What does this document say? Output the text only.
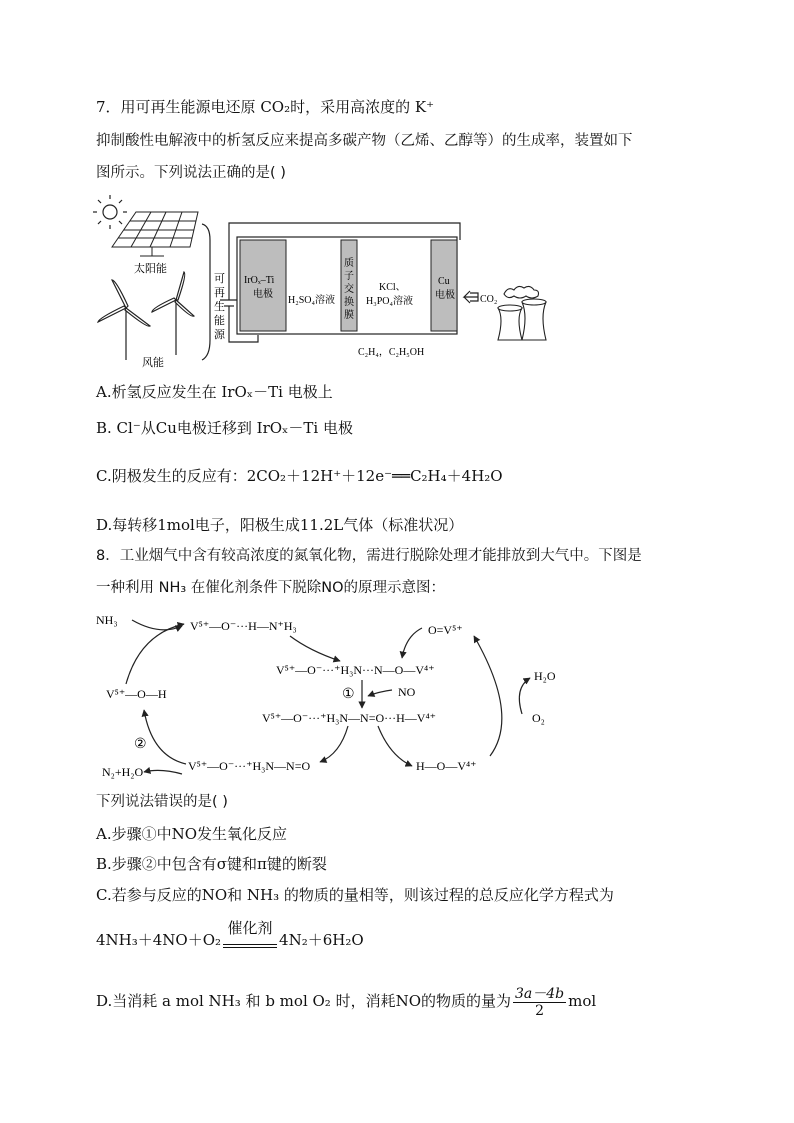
7．用可再生能源电还原 CO₂时，采用高浓度的 K⁺
抑制酸性电解液中的析氢反应来提高多碳产物（乙烯、乙醇等）的生成率，装置如下
图所示。下列说法正确的是( )
太阳能
风能
可
再
生
能
源
IrOₓ–Ti
电极
H₂SO₄溶液
质
子
交
换
膜
KCl、
H₃PO₄溶液
Cu
电极
C₂H₄，C₂H₅OH
CO₂
A.析氢反应发生在 IrOₓ－Ti 电极上
B. Cl⁻从Cu电极迁移到 IrOₓ－Ti 电极
C.阴极发生的反应有：2CO₂＋12H⁺＋12e⁻══C₂H₄＋4H₂O
D.每转移1mol电子，阳极生成11.2L气体（标准状况）
8．工业烟气中含有较高浓度的氮氧化物，需进行脱除处理才能排放到大气中。下图是
一种利用 NH₃ 在催化剂条件下脱除NO的原理示意图：
NH₃	V⁵⁺—O⁻···H—N⁺H₃
V⁵⁺—O—H
V⁵⁺—O⁻···⁺H₃N···N—O—V⁴⁺
①	NO
V⁵⁺—O⁻···⁺H₃N—N=O···H—V⁴⁺
V⁵⁺—O⁻···⁺H₃N—N=O
②
N₂+H₂O
O=V⁵⁺
H₂O
O₂
H—O—V⁴⁺
下列说法错误的是( )
A.步骤①中NO发生氧化反应
B.步骤②中包含有σ键和π键的断裂
C.若参与反应的NO和 NH₃ 的物质的量相等，则该过程的总反应化学方程式为
4NH₃＋4NO＋O₂
催化剂
4N₂＋6H₂O
D.当消耗 a mol NH₃ 和 b mol O₂ 时，消耗NO的物质的量为 $\frac{3a-4b}{2}$ mol
